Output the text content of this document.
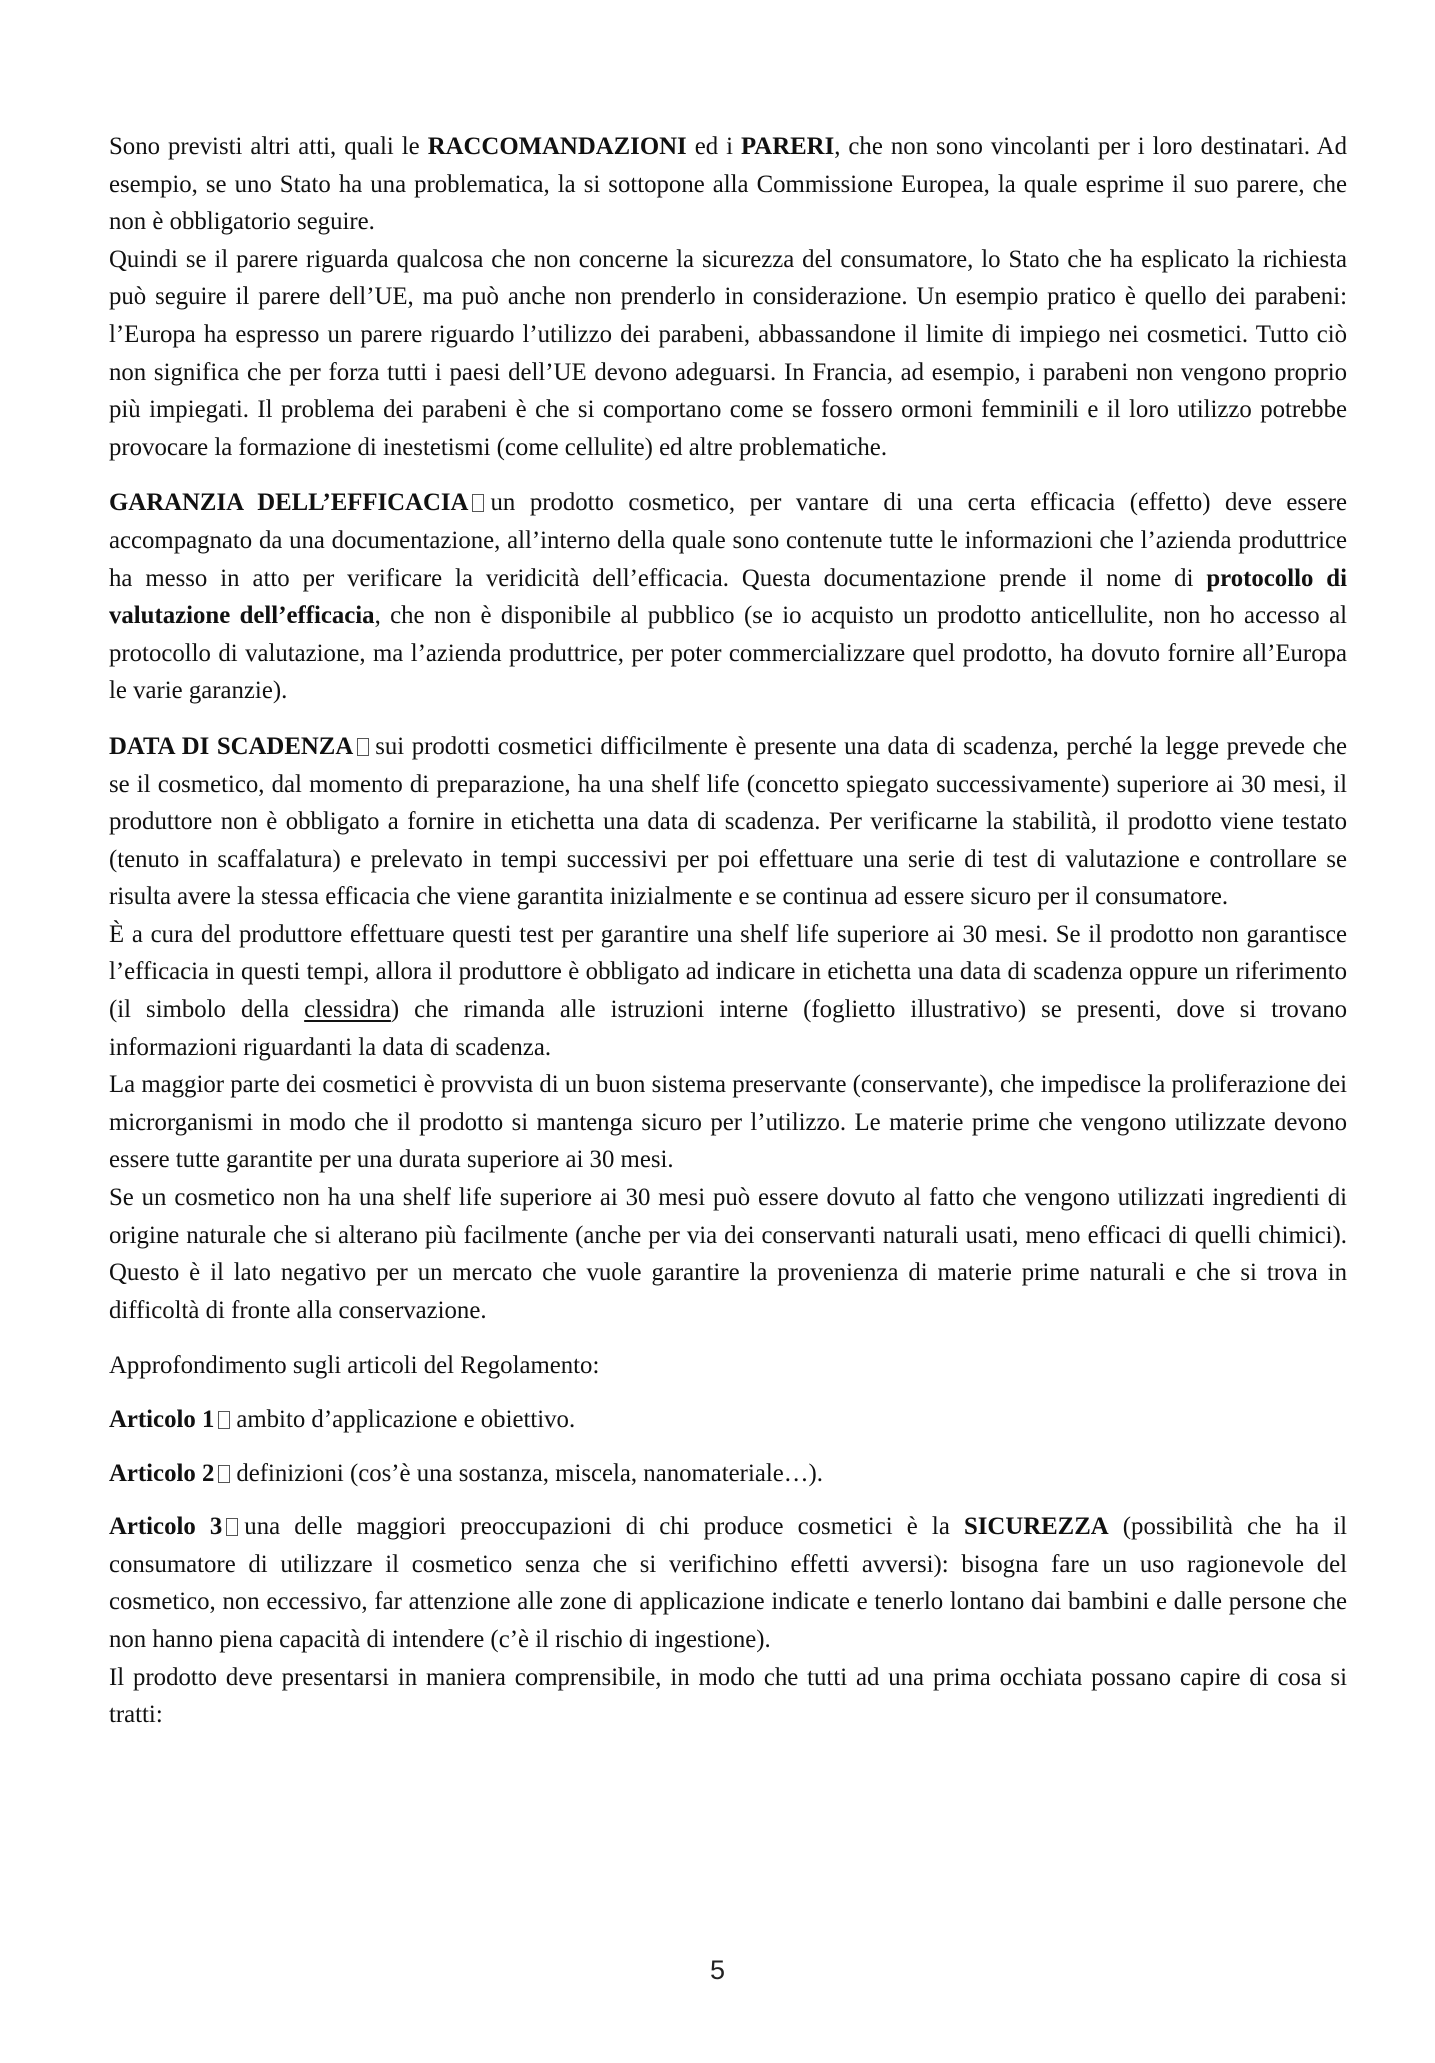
Sono previsti altri atti, quali le RACCOMANDAZIONI ed i PARERI, che non sono vincolanti per i loro destinatari. Ad esempio, se uno Stato ha una problematica, la si sottopone alla Commissione Europea, la quale esprime il suo parere, che non è obbligatorio seguire.

Quindi se il parere riguarda qualcosa che non concerne la sicurezza del consumatore, lo Stato che ha esplicato la richiesta può seguire il parere dell’UE, ma può anche non prenderlo in considerazione. Un esempio pratico è quello dei parabeni: l’Europa ha espresso un parere riguardo l’utilizzo dei parabeni, abbassandone il limite di impiego nei cosmetici. Tutto ciò non significa che per forza tutti i paesi dell’UE devono adeguarsi. In Francia, ad esempio, i parabeni non vengono proprio più impiegati. Il problema dei parabeni è che si comportano come se fossero ormoni femminili e il loro utilizzo potrebbe provocare la formazione di inestetismi (come cellulite) ed altre problematiche.

GARANZIA DELL’EFFICACIA un prodotto cosmetico, per vantare di una certa efficacia (effetto) deve essere accompagnato da una documentazione, all’interno della quale sono contenute tutte le informazioni che l’azienda produttrice ha messo in atto per verificare la veridicità dell’efficacia. Questa documentazione prende il nome di protocollo di valutazione dell’efficacia, che non è disponibile al pubblico (se io acquisto un prodotto anticellulite, non ho accesso al protocollo di valutazione, ma l’azienda produttrice, per poter commercializzare quel prodotto, ha dovuto fornire all’Europa le varie garanzie).

DATA DI SCADENZA sui prodotti cosmetici difficilmente è presente una data di scadenza, perché la legge prevede che se il cosmetico, dal momento di preparazione, ha una shelf life (concetto spiegato successivamente) superiore ai 30 mesi, il produttore non è obbligato a fornire in etichetta una data di scadenza. Per verificarne la stabilità, il prodotto viene testato (tenuto in scaffalatura) e prelevato in tempi successivi per poi effettuare una serie di test di valutazione e controllare se risulta avere la stessa efficacia che viene garantita inizialmente e se continua ad essere sicuro per il consumatore.

È a cura del produttore effettuare questi test per garantire una shelf life superiore ai 30 mesi. Se il prodotto non garantisce l’efficacia in questi tempi, allora il produttore è obbligato ad indicare in etichetta una data di scadenza oppure un riferimento (il simbolo della clessidra) che rimanda alle istruzioni interne (foglietto illustrativo) se presenti, dove si trovano informazioni riguardanti la data di scadenza.

La maggior parte dei cosmetici è provvista di un buon sistema preservante (conservante), che impedisce la proliferazione dei microrganismi in modo che il prodotto si mantenga sicuro per l’utilizzo. Le materie prime che vengono utilizzate devono essere tutte garantite per una durata superiore ai 30 mesi.

Se un cosmetico non ha una shelf life superiore ai 30 mesi può essere dovuto al fatto che vengono utilizzati ingredienti di origine naturale che si alterano più facilmente (anche per via dei conservanti naturali usati, meno efficaci di quelli chimici). Questo è il lato negativo per un mercato che vuole garantire la provenienza di materie prime naturali e che si trova in difficoltà di fronte alla conservazione.

Approfondimento sugli articoli del Regolamento:

Articolo 1 ambito d’applicazione e obiettivo.

Articolo 2 definizioni (cos’è una sostanza, miscela, nanomateriale…).

Articolo 3 una delle maggiori preoccupazioni di chi produce cosmetici è la SICUREZZA (possibilità che ha il consumatore di utilizzare il cosmetico senza che si verifichino effetti avversi): bisogna fare un uso ragionevole del cosmetico, non eccessivo, far attenzione alle zone di applicazione indicate e tenerlo lontano dai bambini e dalle persone che non hanno piena capacità di intendere (c’è il rischio di ingestione).

Il prodotto deve presentarsi in maniera comprensibile, in modo che tutti ad una prima occhiata possano capire di cosa si tratti:

5
